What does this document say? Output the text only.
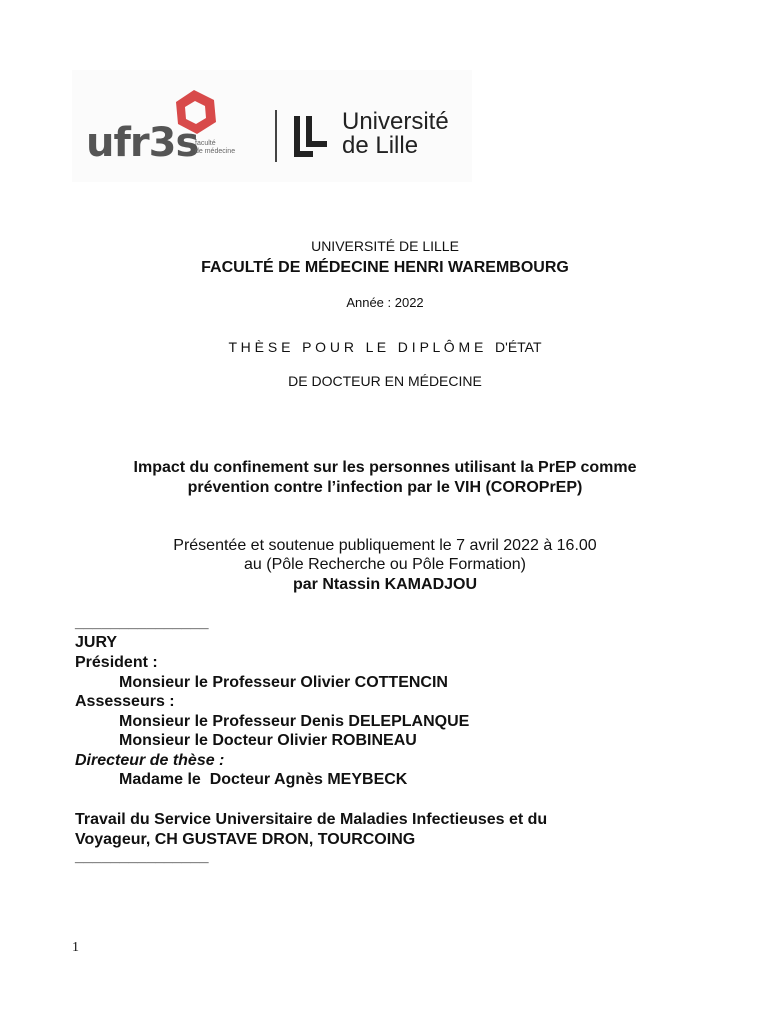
ufr3s
faculté
de médecine
Université
de Lille
UNIVERSITÉ DE LILLE
FACULTÉ DE MÉDECINE HENRI WAREMBOURG
Année : 2022
T H È S E   P O U R   L E   D I P L Ô M E   D'ÉTAT
DE DOCTEUR EN MÉDECINE
Impact du confinement sur les personnes utilisant la PrEP comme
prévention contre l’infection par le VIH (COROPrEP)
Présentée et soutenue publiquement le 7 avril 2022 à 16.00
au (Pôle Recherche ou Pôle Formation)
par Ntassin KAMADJOU
_______________
JURY
Président :
Monsieur le Professeur Olivier COTTENCIN
Assesseurs :
Monsieur le Professeur Denis DELEPLANQUE
Monsieur le Docteur Olivier ROBINEAU
Directeur de thèse :
Madame le  Docteur Agnès MEYBECK
Travail du Service Universitaire de Maladies Infectieuses et du
Voyageur, CH GUSTAVE DRON, TOURCOING
_______________
1
